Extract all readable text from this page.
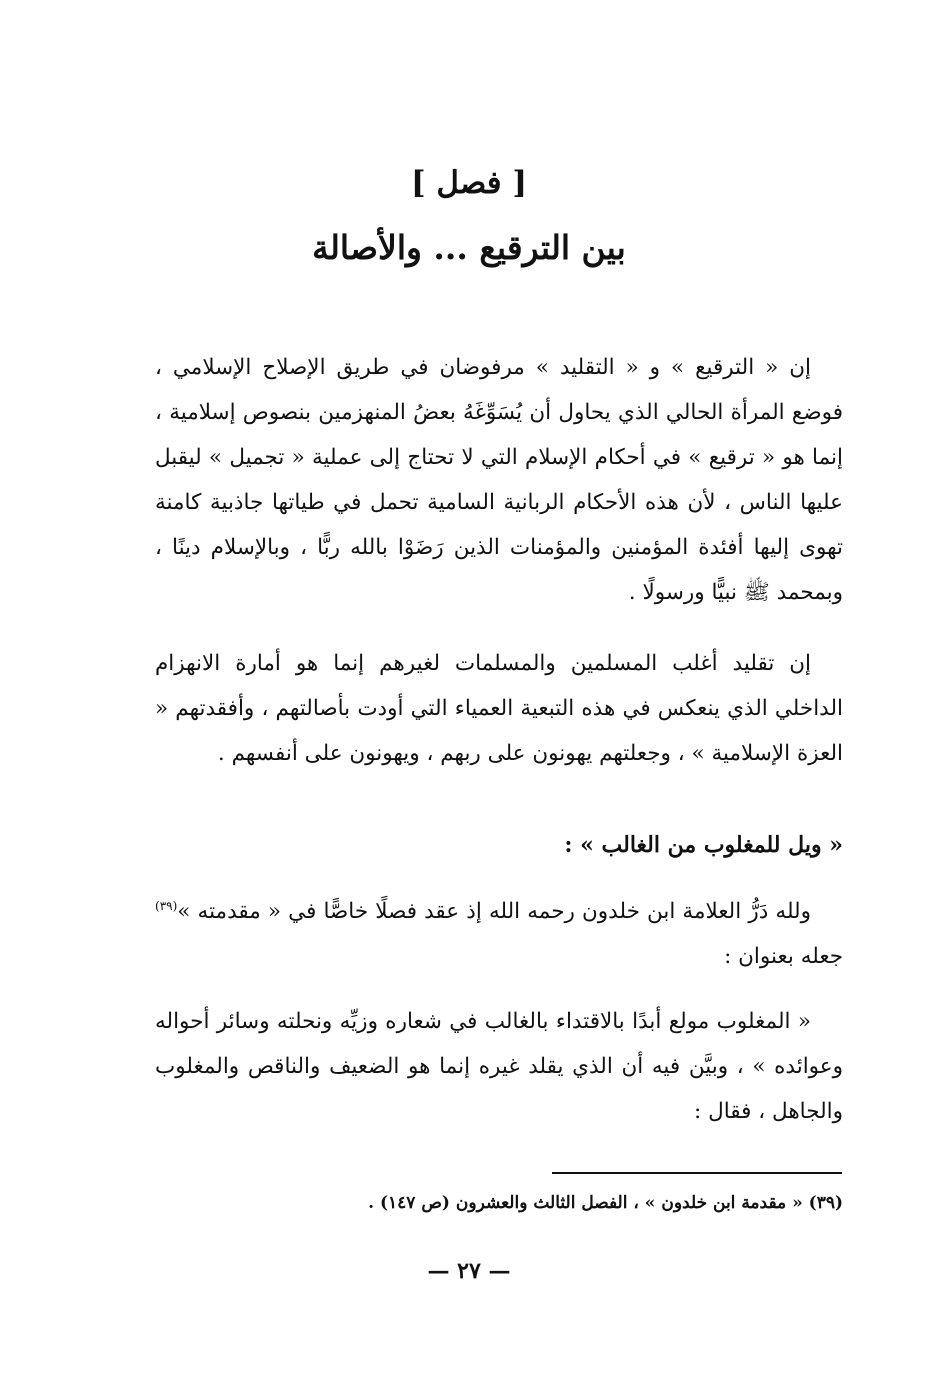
[ فصل ]
بين الترقيع ... والأصالة
إن « الترقيع » و « التقليد » مرفوضان في طريق الإصلاح الإسلامي ، فوضع المرأة الحالي الذي يحاول أن يُسَوِّغَهُ بعضُ المنهزمين بنصوص إسلامية ، إنما هو « ترقيع » في أحكام الإسلام التي لا تحتاج إلى عملية « تجميل » ليقبل عليها الناس ، لأن هذه الأحكام الربانية السامية تحمل في طياتها جاذبية كامنة تهوى إليها أفئدة المؤمنين والمؤمنات الذين رَضَوْا بالله ربًّا ، وبالإسلام دينًا ، وبمحمد ﷺ نبيًّا ورسولًا .
إن تقليد أغلب المسلمين والمسلمات لغيرهم إنما هو أمارة الانهزام الداخلي الذي ينعكس في هذه التبعية العمياء التي أودت بأصالتهم ، وأفقدتهم « العزة الإسلامية » ، وجعلتهم يهونون على ربهم ، ويهونون على أنفسهم .
« ويل للمغلوب من الغالب » :
ولله دَرُّ العلامة ابن خلدون رحمه الله إذ عقد فصلًا خاصًّا في « مقدمته »$^{(٣٩)}$ جعله بعنوان :
« المغلوب مولع أبدًا بالاقتداء بالغالب في شعاره وزيِّه ونحلته وسائر أحواله وعوائده » ، وبيَّن فيه أن الذي يقلد غيره إنما هو الضعيف والناقص والمغلوب والجاهل ، فقال :
(٣٩) « مقدمة ابن خلدون » ، الفصل الثالث والعشرون (ص ١٤٧) .
— ٢٧ —
